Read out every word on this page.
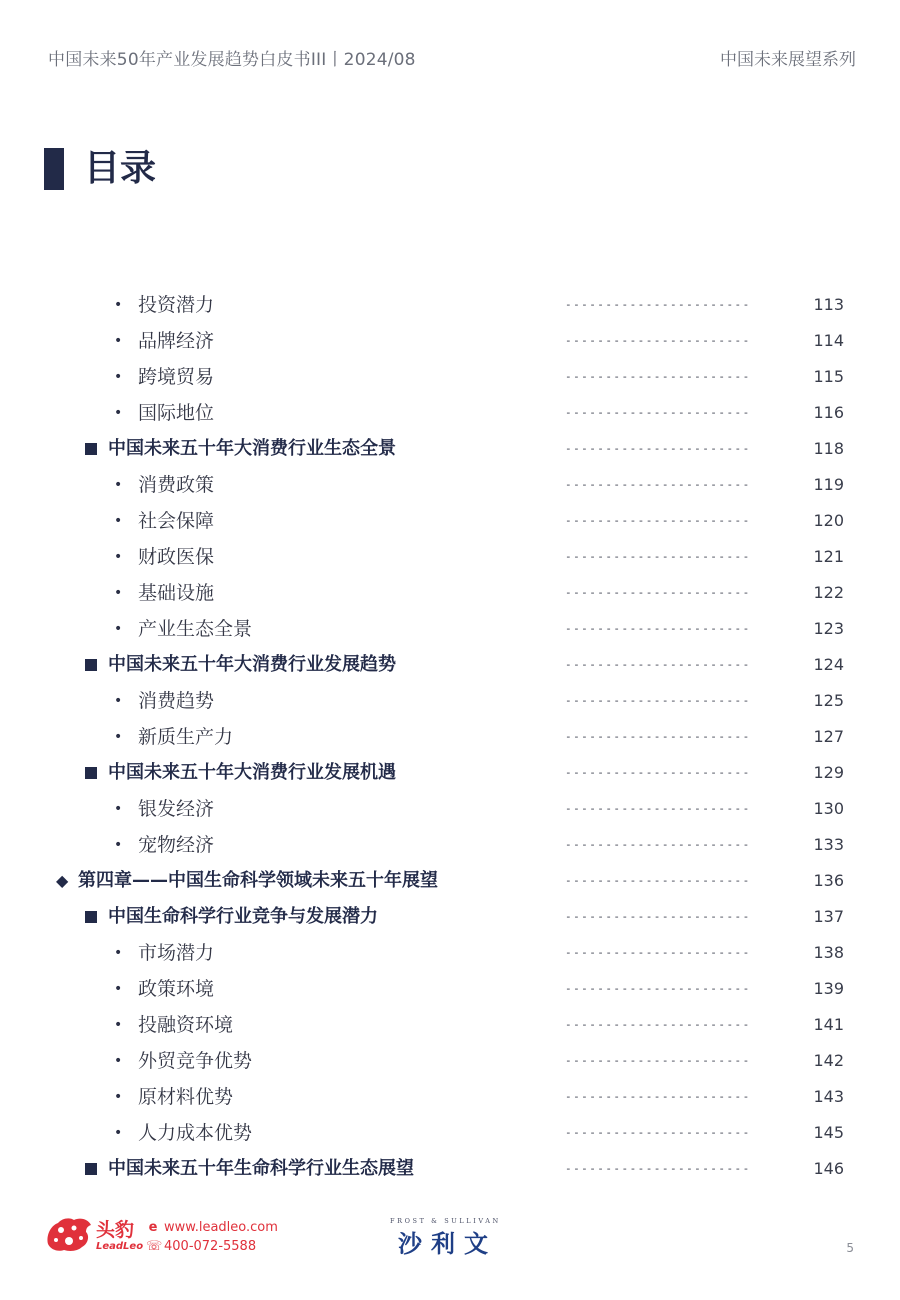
中国未来50年产业发展趋势白皮书III丨2024/08	中国未来展望系列
目录
• 投资潜力	-----------------------	113
• 品牌经济	-----------------------	114
• 跨境贸易	-----------------------	115
• 国际地位	-----------------------	116
中国未来五十年大消费行业生态全景	-----------------------	118
• 消费政策	-----------------------	119
• 社会保障	-----------------------	120
• 财政医保	-----------------------	121
• 基础设施	-----------------------	122
• 产业生态全景	-----------------------	123
中国未来五十年大消费行业发展趋势	-----------------------	124
• 消费趋势	-----------------------	125
• 新质生产力	-----------------------	127
中国未来五十年大消费行业发展机遇	-----------------------	129
• 银发经济	-----------------------	130
• 宠物经济	-----------------------	133
◆ 第四章——中国生命科学领域未来五十年展望	-----------------------	136
中国生命科学行业竞争与发展潜力	-----------------------	137
• 市场潜力	-----------------------	138
• 政策环境	-----------------------	139
• 投融资环境	-----------------------	141
• 外贸竞争优势	-----------------------	142
• 原材料优势	-----------------------	143
• 人力成本优势	-----------------------	145
中国未来五十年生命科学行业生态展望	-----------------------	146
头豹
LeadLeo
e www.leadleo.com
☏ 400-072-5588
FROST & SULLIVAN
沙利文	5
